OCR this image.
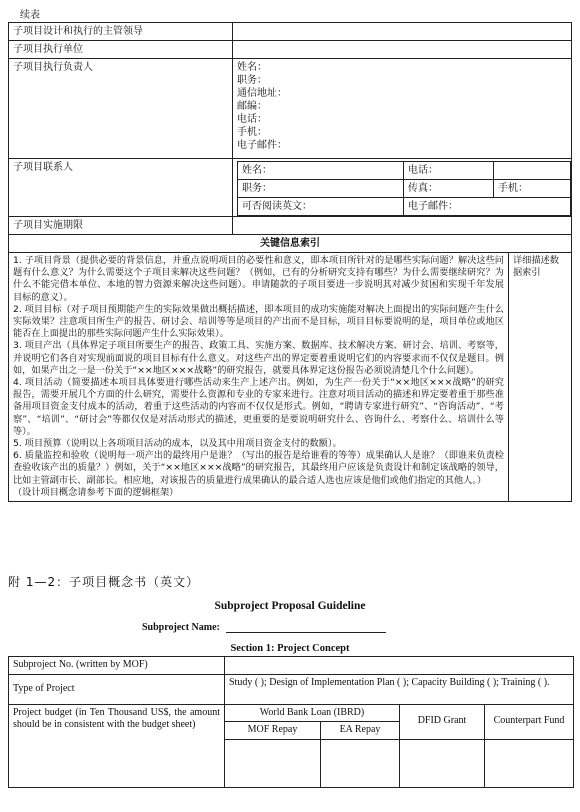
续表
子项目设计和执行的主管领导	
子项目执行单位	
子项目执行负责人	姓名：
职务：
通信地址：
邮编：
电话：
手机：
电子邮件：

子项目联系人		姓名：	电话：	
职务：	传真：	手机：
可否阅读英文：	电子邮件：

子项目实施期限	
关键信息索引

1. 子项目背景（提供必要的背景信息，并重点说明项目的必要性和意义，即本项目所针对的是哪些实际问题？解决这些问题有什么意义？为什么需要这个子项目来解决这些问题？（例如，已有的分析研究支持有哪些？为什么需要继续研究？为什么不能完借本单位、本地的智力资源来解决这些问题）。申请随款的子项目要进一步说明其对减少贫困和实现千年发展目标的意义）。
2. 项目目标（对子项目预期能产生的实际效果做出概括描述，即本项目的成功实施能对解决上面提出的实际问题产生什么实际效果？注意项目所生产的报告、研讨会、培训等等是项目的产出而不是目标，项目目标要说明的是，项目单位或地区能否在上面提出的那些实际问题产生什么实际效果）。
3. 项目产出（具体界定子项目所要生产的报告、政策工具、实施方案、数据库、技术解决方案、研讨会、培训、考察等，并说明它们各自对实现前面说的项目目标有什么意义。对这些产出的界定要着重说明它们的内容要求而不仅仅是题目。例如，如果产出之一是一份关于“××地区×××战略”的研究报告，就要具体界定这份报告必须说清楚几个什么问题）。
4. 项目活动（简要描述本项目具体要进行哪些活动来生产上述产出。例如，为生产一份关于“××地区×××战略”的研究报告，需要开展几个方面的什么研究，需要什么资源和专业的专家来进行。注意对项目活动的描述和界定要着重于那些准备用项目资金支付成本的活动，着重于这些活动的内容而不仅仅是形式。例如，“聘请专家进行研究”、“咨询活动”、“考察”、“培训”、“研讨会”等都仅仅是对活动形式的描述，更重要的是要说明研究什么、咨询什么、考察什么、培训什么等等）。
5. 项目预算（说明以上各项项目活动的成本，以及其中用项目资金支付的数额）。
6. 质量监控和验收（说明每一项产出的最终用户是谁？（写出的报告是给谁看的等等）成果确认人是谁？（即谁来负责检查验收该产出的质量？）例如，关于“××地区×××战略”的研究报告，其最终用户应该是负责设计和制定该战略的领导，比如主管副市长、副部长。相应地，对该报告的质量进行成果确认的最合适人选也应该是他们或他们指定的其他人。）
（设计项目概念请参考下面的逻辑框架）
	详细描述数据索引
附 1—2：子项目概念书（英文）
Subproject Proposal Guideline
Subproject Name:
Section 1: Project Concept
Subproject No. (written by MOF)				
Type of Project	Study ( ); Design of Implementation Plan ( ); Capacity Building ( ); Training ( ).			
Project budget (in Ten Thousand US$, the amount should be in consistent with the budget sheet)	World Bank Loan (IBRD)		DFID Grant	Counterpart Fund
	MOF Repay	EA Repay		
